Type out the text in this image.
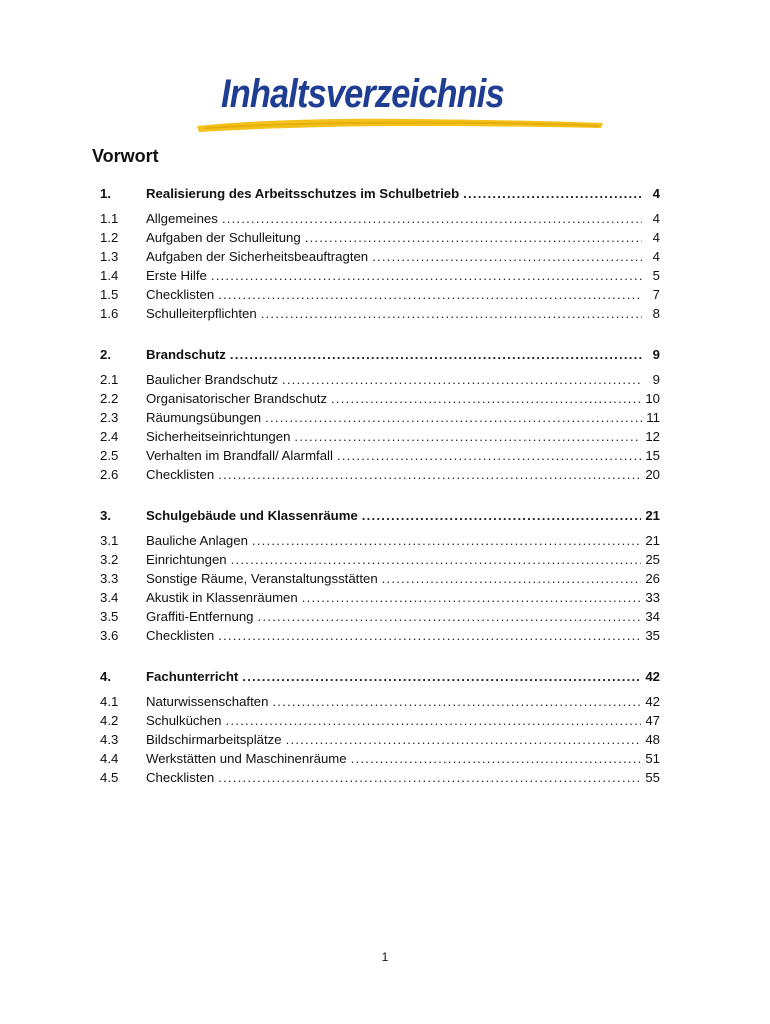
Inhaltsverzeichnis
Vorwort
1.	Realisierung des Arbeitsschutzes im Schulbetrieb .....	4
1.1	Allgemeines .....	4
1.2	Aufgaben der Schulleitung .....	4
1.3	Aufgaben der Sicherheitsbeauftragten .....	4
1.4	Erste Hilfe .....	5
1.5	Checklisten .....	7
1.6	Schulleiterpflichten .....	8
2.	Brandschutz .....	9
2.1	Baulicher Brandschutz .....	9
2.2	Organisatorischer Brandschutz .....	10
2.3	Räumungsübungen .....	11
2.4	Sicherheitseinrichtungen .....	12
2.5	Verhalten im Brandfall/ Alarmfall .....	15
2.6	Checklisten .....	20
3.	Schulgebäude und Klassenräume .....	21
3.1	Bauliche Anlagen .....	21
3.2	Einrichtungen .....	25
3.3	Sonstige Räume, Veranstaltungsstätten .....	26
3.4	Akustik in Klassenräumen .....	33
3.5	Graffiti-Entfernung .....	34
3.6	Checklisten .....	35
4.	Fachunterricht .....	42
4.1	Naturwissenschaften .....	42
4.2	Schulküchen .....	47
4.3	Bildschirmarbeitsplätze .....	48
4.4	Werkstätten und Maschinenräume .....	51
4.5	Checklisten .....	55
1
